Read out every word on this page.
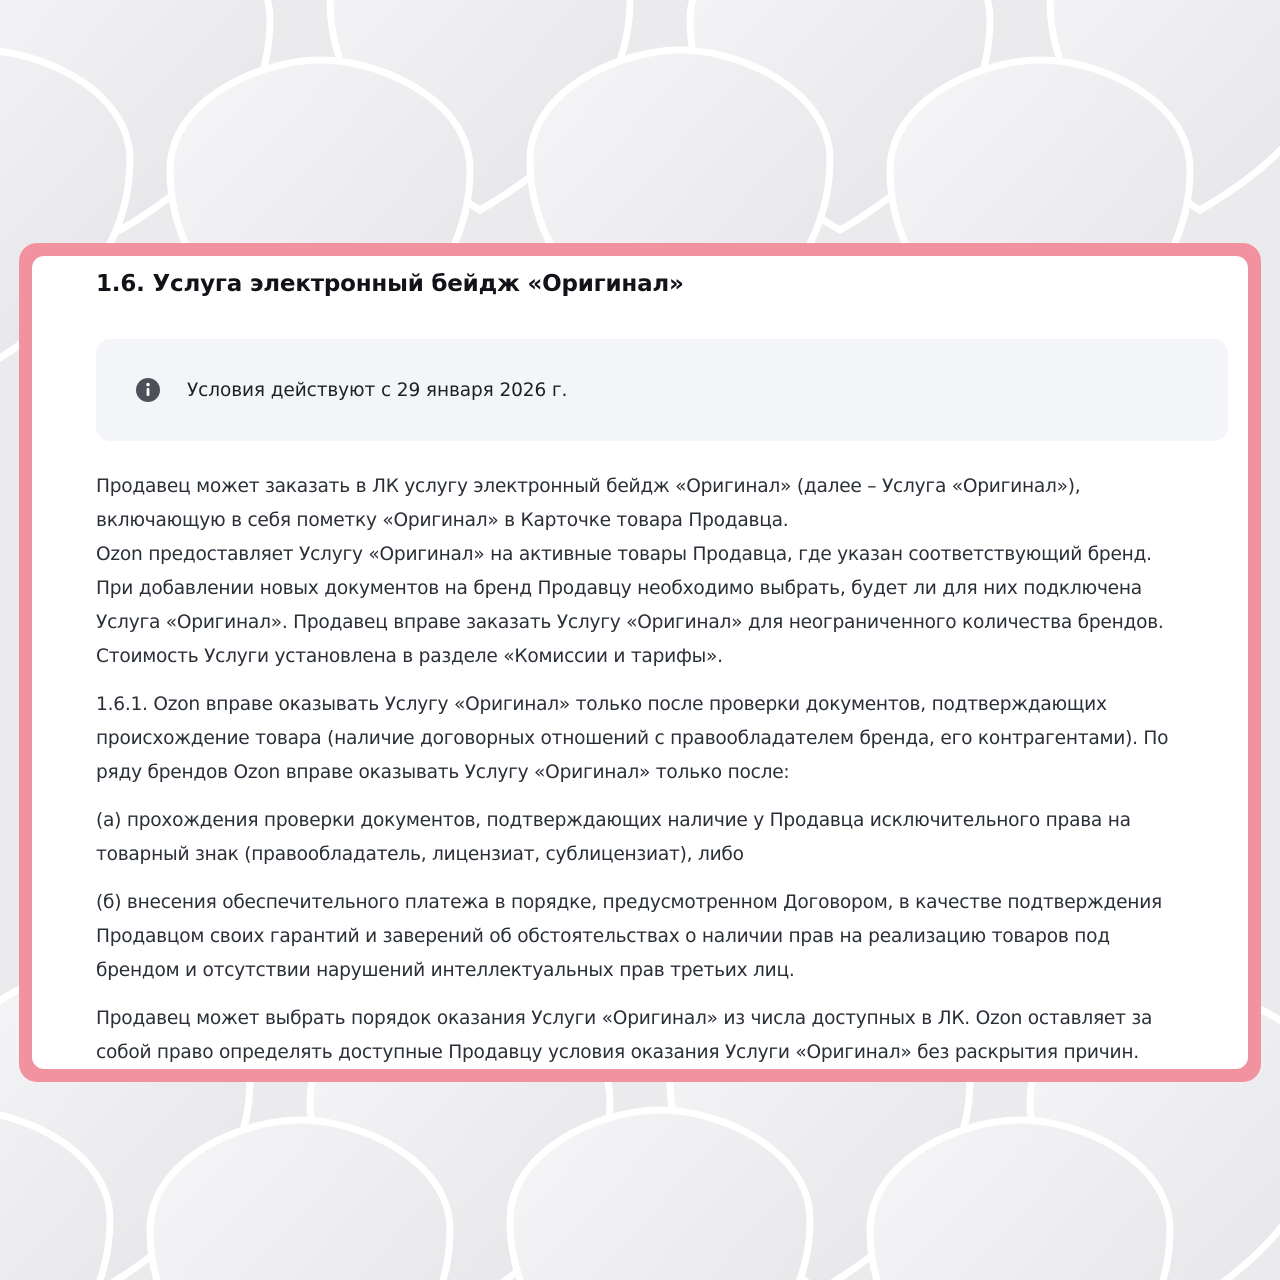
1.6. Услуга электронный бейдж «Оригинал»
Условия действуют с 29 января 2026 г.

Продавец может заказать в ЛК услугу электронный бейдж «Оригинал» (далее – Услуга «Оригинал»),
включающую в себя пометку «Оригинал» в Карточке товара Продавца.
Ozon предоставляет Услугу «Оригинал» на активные товары Продавца, где указан соответствующий бренд.
При добавлении новых документов на бренд Продавцу необходимо выбрать, будет ли для них подключена
Услуга «Оригинал». Продавец вправе заказать Услугу «Оригинал» для неограниченного количества брендов.
Стоимость Услуги установлена в разделе «Комиссии и тарифы».

1.6.1. Ozon вправе оказывать Услугу «Оригинал» только после проверки документов, подтверждающих
происхождение товара (наличие договорных отношений с правообладателем бренда, его контрагентами). По
ряду брендов Ozon вправе оказывать Услугу «Оригинал» только после:

(а) прохождения проверки документов, подтверждающих наличие у Продавца исключительного права на
товарный знак (правообладатель, лицензиат, сублицензиат), либо

(б) внесения обеспечительного платежа в порядке, предусмотренном Договором, в качестве подтверждения
Продавцом своих гарантий и заверений об обстоятельствах о наличии прав на реализацию товаров под
брендом и отсутствии нарушений интеллектуальных прав третьих лиц.

Продавец может выбрать порядок оказания Услуги «Оригинал» из числа доступных в ЛК. Ozon оставляет за
собой право определять доступные Продавцу условия оказания Услуги «Оригинал» без раскрытия причин.
